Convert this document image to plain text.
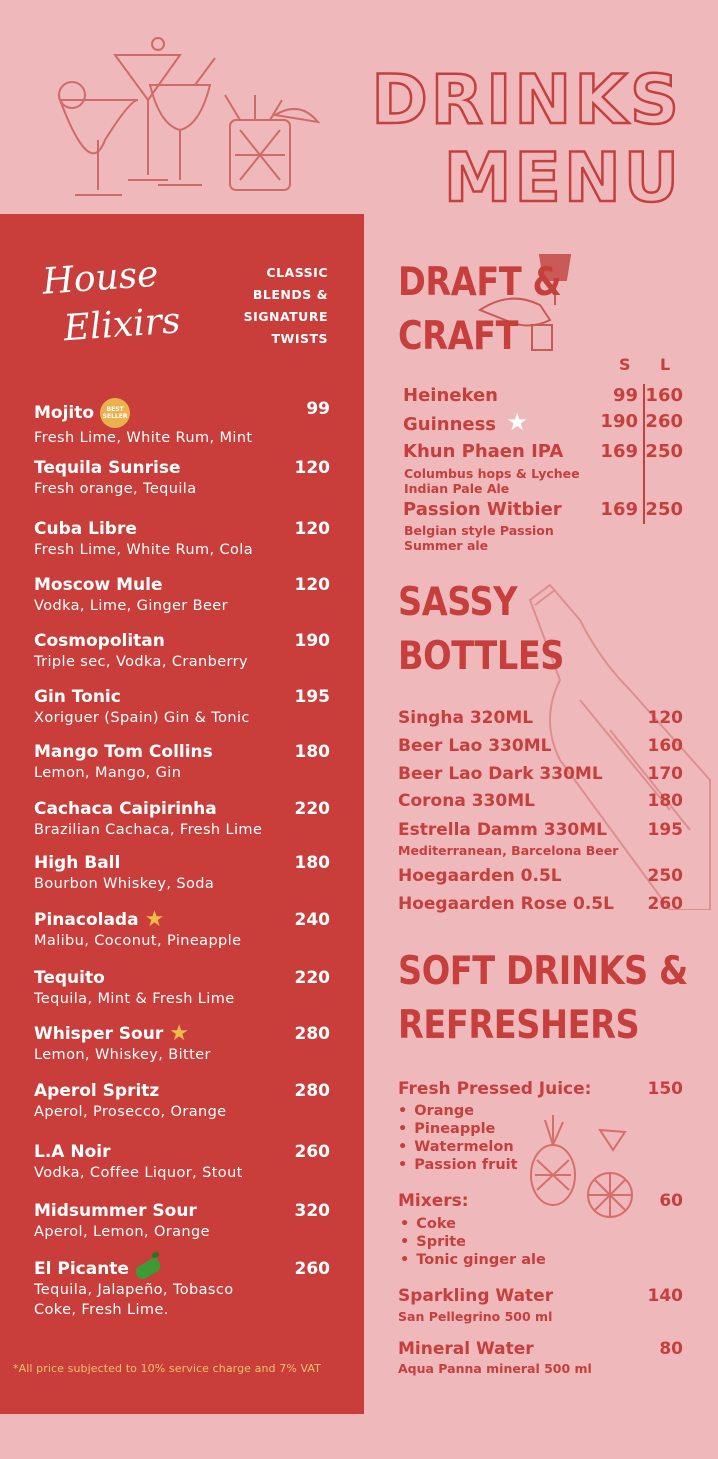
DRINKS
MENU
House
Elixirs
CLASSIC
BLENDS &
SIGNATURE
TWISTS
Mojito	BEST SELLER	99
Fresh Lime, White Rum, Mint
Tequila Sunrise	120
Fresh orange, Tequila
Cuba Libre	120
Fresh Lime, White Rum, Cola
Moscow Mule	120
Vodka, Lime, Ginger Beer
Cosmopolitan	190
Triple sec, Vodka, Cranberry
Gin Tonic	195
Xoriguer (Spain) Gin & Tonic
Mango Tom Collins	180
Lemon, Mango, Gin
Cachaca Caipirinha	220
Brazilian Cachaca, Fresh Lime
High Ball	180
Bourbon Whiskey, Soda
Pinacolada ★	240
Malibu, Coconut, Pineapple
Tequito	220
Tequila, Mint & Fresh Lime
Whisper Sour ★	280
Lemon, Whiskey, Bitter
Aperol Spritz	280
Aperol, Prosecco, Orange
L.A Noir	260
Vodka, Coffee Liquor, Stout
Midsummer Sour	320
Aperol, Lemon, Orange
El Picante	260
Tequila, Jalapeño, Tobasco
Coke, Fresh Lime.
*All price subjected to 10% service charge and 7% VAT
DRAFT &
CRAFT
S L
Heineken	99 160
Guinness ★	190 260
Khun Phaen IPA 169 250
Columbus hops & Lychee
Indian Pale Ale
Passion Witbier 169 250
Belgian style Passion
Summer ale
SASSY
BOTTLES
Singha 320ML	120
Beer Lao 330ML	160
Beer Lao Dark 330ML	170
Corona 330ML	180
Estrella Damm 330ML 195
Mediterranean, Barcelona Beer
Hoegaarden 0.5L	250
Hoegaarden Rose 0.5L 260
SOFT DRINKS &
REFRESHERS
Fresh Pressed Juice:	150
• Orange
• Pineapple
• Watermelon
• Passion fruit
Mixers:	60
• Coke
• Sprite
• Tonic ginger ale
Sparkling Water	140
San Pellegrino 500 ml
Mineral Water	80
Aqua Panna mineral 500 ml
